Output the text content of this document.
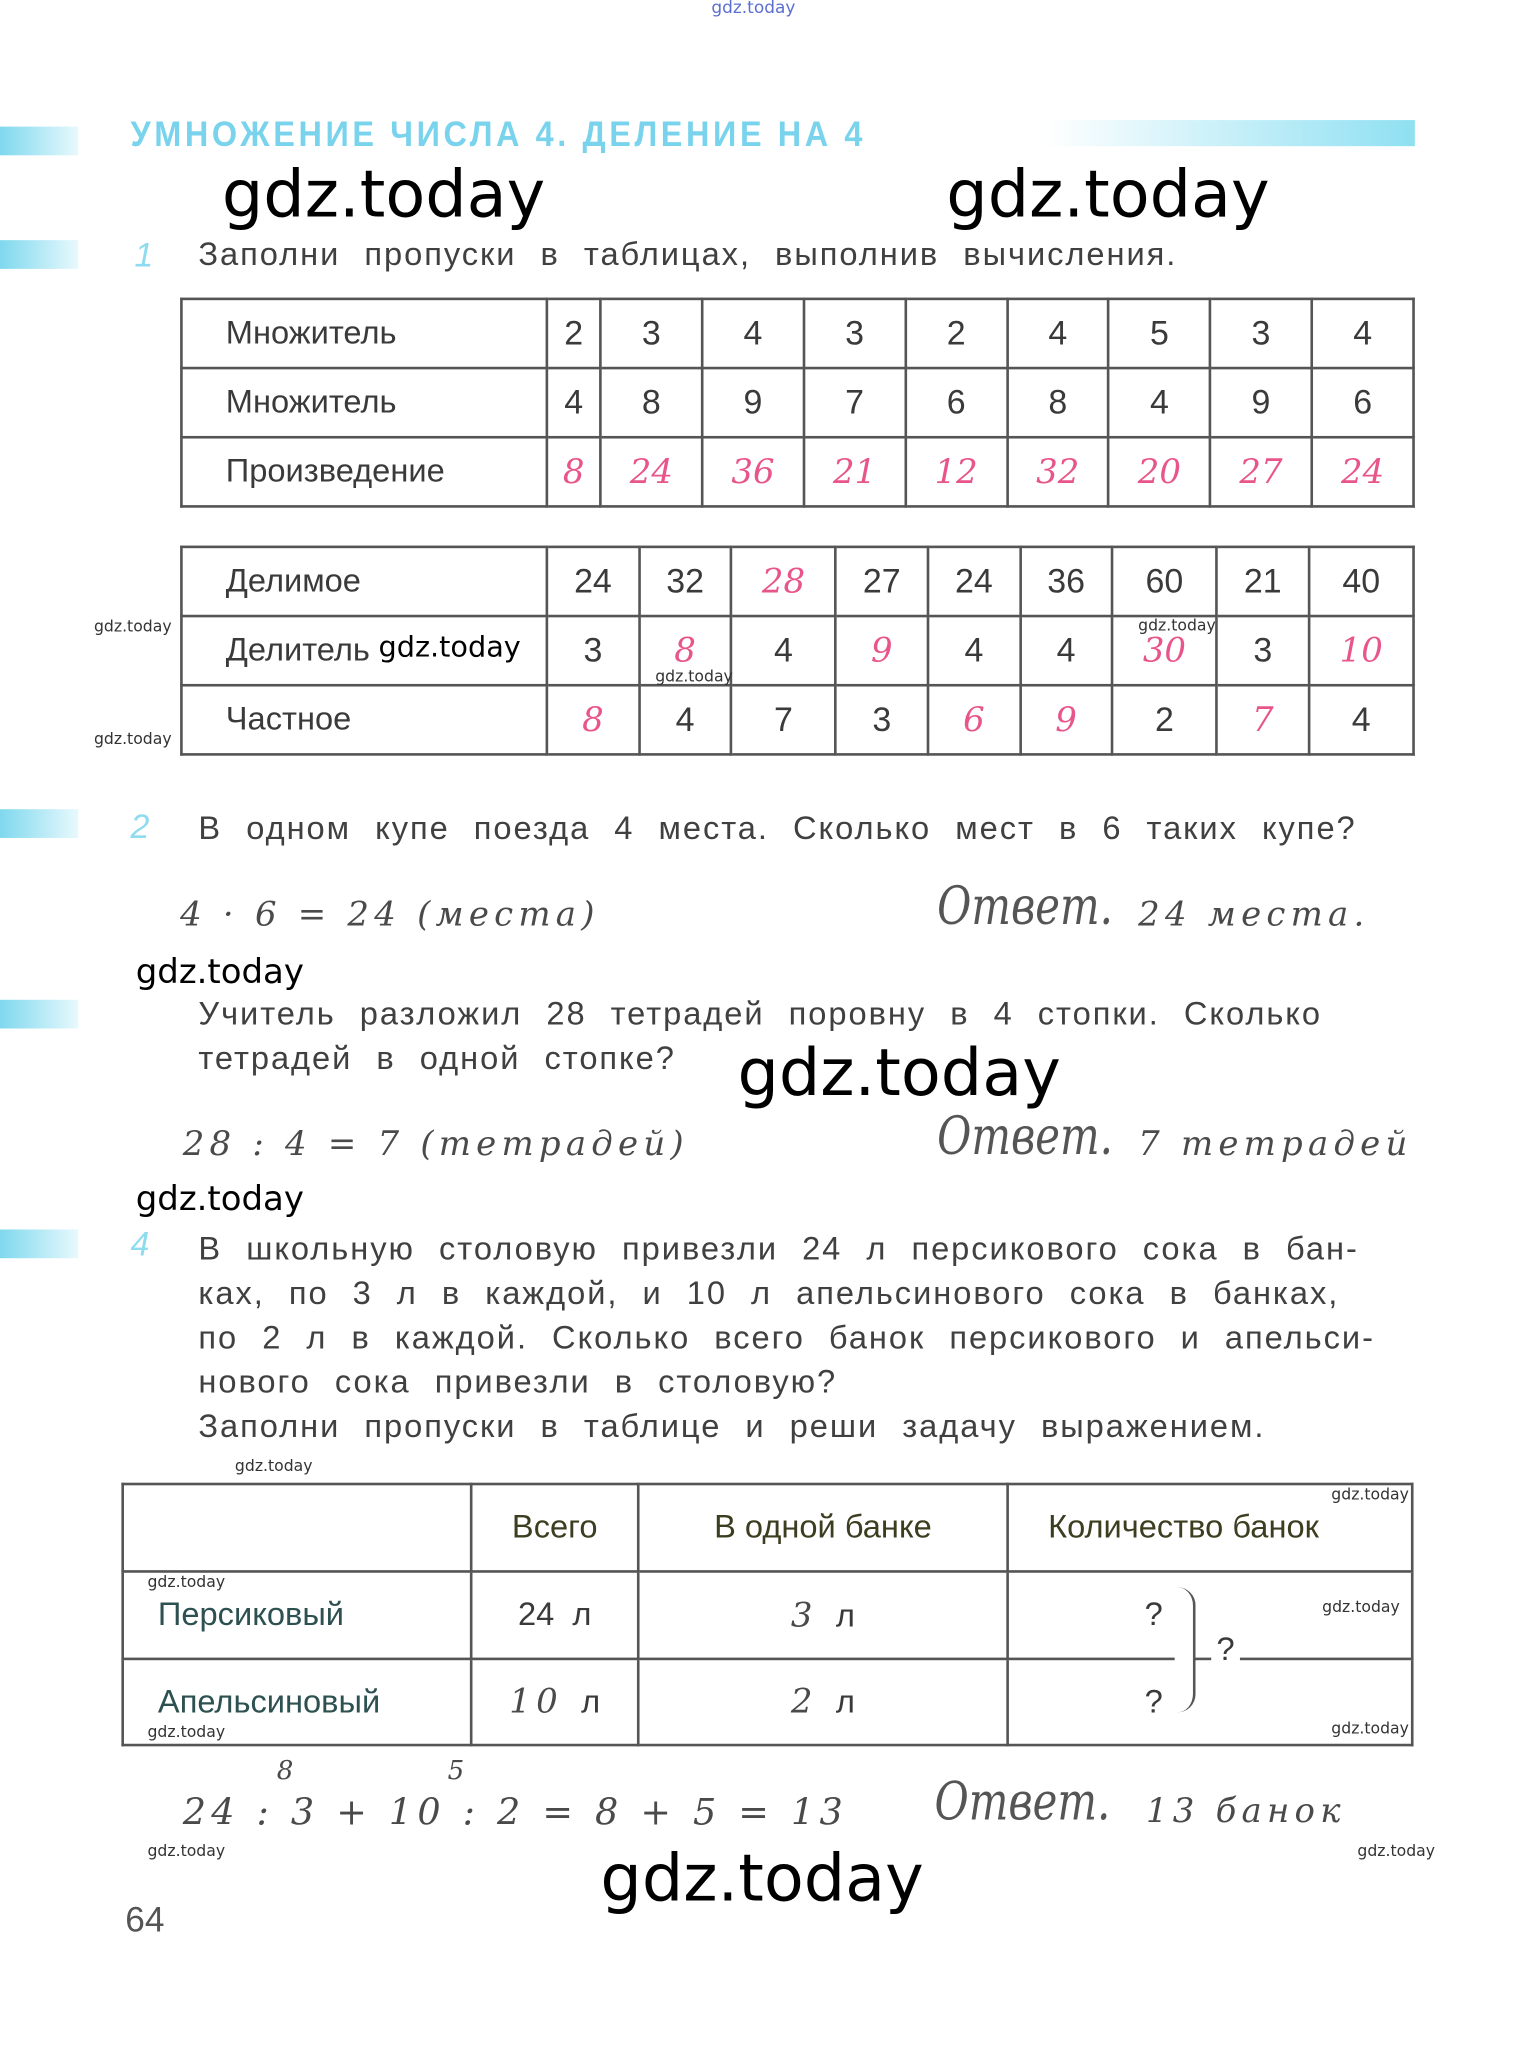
gdz.today
УМНОЖЕНИЕ ЧИСЛА 4. ДЕЛЕНИЕ НА 4
gdz.today	gdz.today
1 Заполни пропуски в таблицах, выполнив вычисления.
Множитель	2	3	4	3	2	4	5	3	4
Множитель	4	8	9	7	6	8	4	9	6
Произведение	8	24	36	21	12	32	20	27	24
Делимое	24	32	28	27	24	36	60	21	40
Делитель	3	8	4	9	4	4	30	3	10
Частное	8	4	7	3	6	9	2	7	4
gdz.today
gdz.today
gdz.today
gdz.today
gdz.today
2 В одном купе поезда 4 места. Сколько мест в 6 таких купе?
4 · 6 = 24 (места)	Ответ. 24 места.
gdz.today
Учитель разложил 28 тетрадей поровну в 4 стопки. Сколько
тетрадей в одной стопке? gdz.today
28 : 4 = 7 (тетрадей)	Ответ. 7 тетрадей
gdz.today
4 В школьную столовую привезли 24 л персикового сока в бан-
ках, по 3 л в каждой, и 10 л апельсинового сока в банках,
по 2 л в каждой. Сколько всего банок персикового и апельси-
нового сока привезли в столовую?
Заполни пропуски в таблице и реши задачу выражением.
gdz.today
	Всего	В одной банке	Количество банок
Персиковый	24 л	3 л	?
Апельсиновый	10 л	2 л	?
?
gdz.today
gdz.today
gdz.today
gdz.today
gdz.today
8	5
24 : 3 + 10 : 2 = 8 + 5 = 13 Ответ. 13 банок
gdz.today	gdz.today
gdz.today
64
